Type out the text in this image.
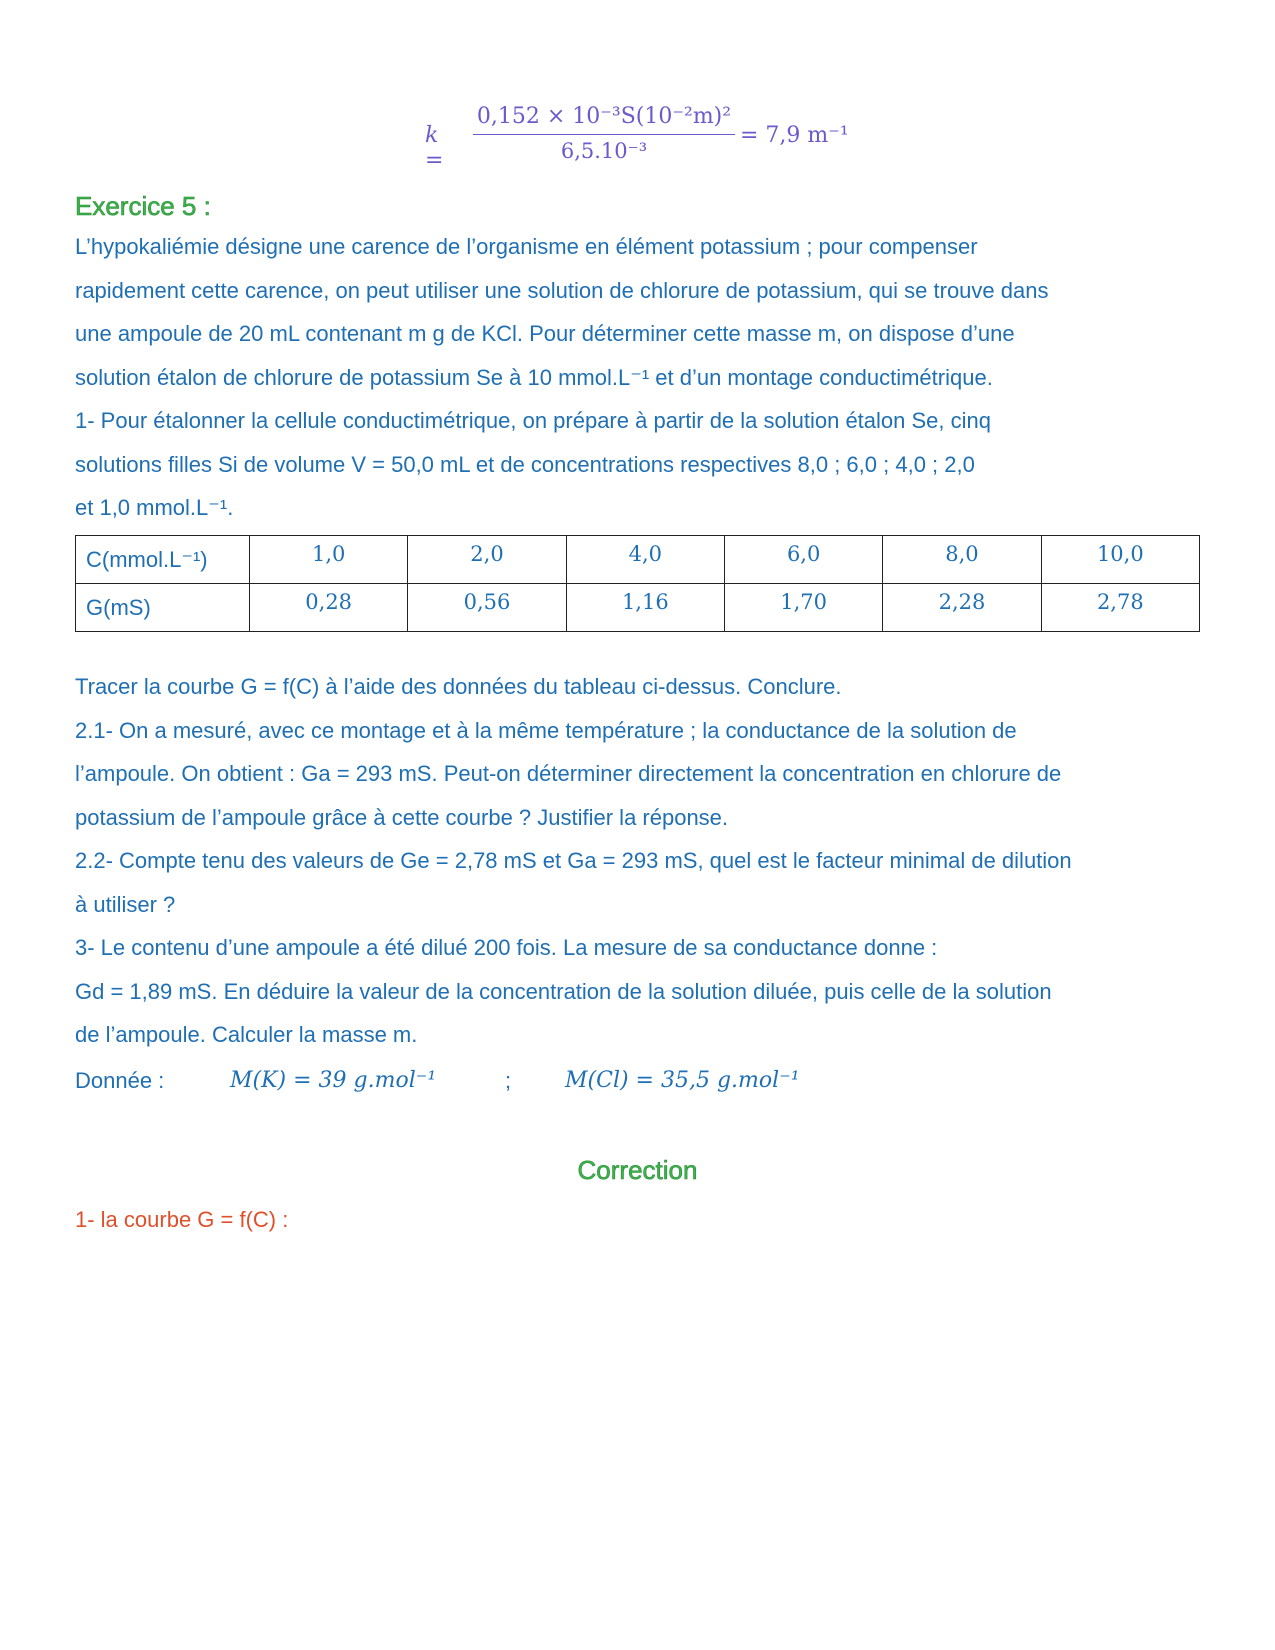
k =
0,152 × 10⁻³S(10⁻²m)²
6,5.10⁻³
= 7,9 m⁻¹
Exercice 5 :

L’hypokaliémie désigne une carence de l’organisme en élément potassium ; pour compenser
rapidement cette carence, on peut utiliser une solution de chlorure de potassium, qui se trouve dans
une ampoule de 20 mL contenant m g de KCl. Pour déterminer cette masse m, on dispose d’une
solution étalon de chlorure de potassium Se à 10 mmol.L⁻¹ et d’un montage conductimétrique.
1- Pour étalonner la cellule conductimétrique, on prépare à partir de la solution étalon Se, cinq
solutions filles Si de volume V = 50,0 mL et de concentrations respectives 8,0 ; 6,0 ; 4,0 ; 2,0
et 1,0 mmol.L⁻¹.

C(mmol.L⁻¹)	1,0	2,0	4,0	6,0	8,0	10,0
G(mS)	0,28	0,56	1,16	1,70	2,28	2,78

Tracer la courbe G = f(C) à l’aide des données du tableau ci-dessus. Conclure.
2.1- On a mesuré, avec ce montage et à la même température ; la conductance de la solution de
l’ampoule. On obtient : Ga = 293 mS. Peut-on déterminer directement la concentration en chlorure de
potassium de l’ampoule grâce à cette courbe ? Justifier la réponse.
2.2- Compte tenu des valeurs de Ge = 2,78 mS et Ga = 293 mS, quel est le facteur minimal de dilution
à utiliser ?
3- Le contenu d’une ampoule a été dilué 200 fois. La mesure de sa conductance donne :
Gd = 1,89 mS. En déduire la valeur de la concentration de la solution diluée, puis celle de la solution
de l’ampoule. Calculer la masse m.

Donnée :	M(K) = 39 g.mol⁻¹	; M(Cl) = 35,5 g.mol⁻¹
Correction
1- la courbe G = f(C) :
